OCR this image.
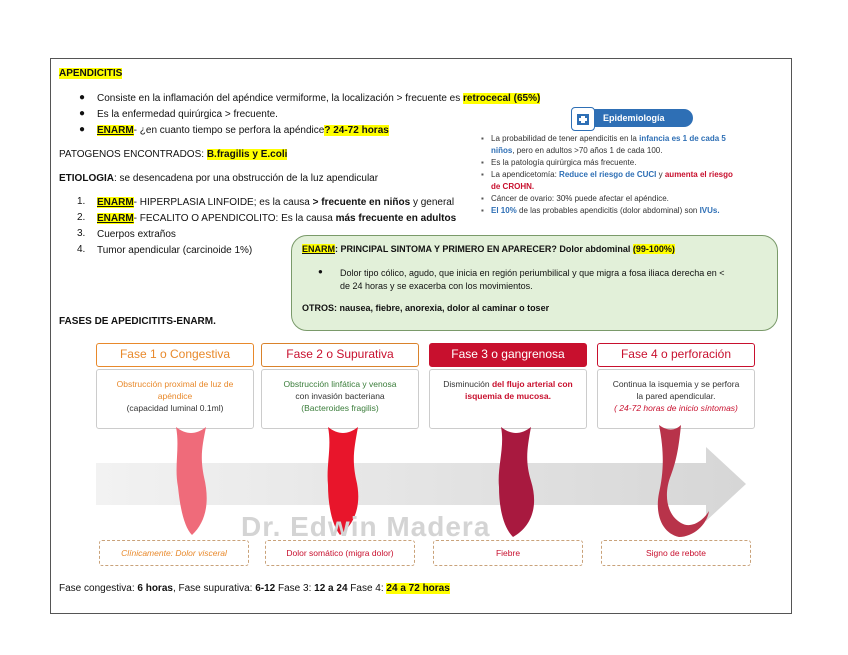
APENDICITIS
● Consiste en la inflamación del apéndice vermiforme, la localización > frecuente es retrocecal (65%)
● Es la enfermedad quirúrgica > frecuente.
● ENARM- ¿en cuanto tiempo se perfora la apéndice? 24-72 horas
PATOGENOS ENCONTRADOS: B.fragilis y E.coli
ETIOLOGIA: se desencadena por una obstrucción de la luz apendicular
1. ENARM- HIPERPLASIA LINFOIDE; es la causa > frecuente en niños y general
2. ENARM- FECALITO O APENDICOLITO: Es la causa más frecuente en adultos
3. Cuerpos extraños
4. Tumor apendicular (carcinoide 1%)
Epidemiología
▪ La probabilidad de tener apendicitis en la infancia es 1 de cada 5
niños, pero en adultos >70 años 1 de cada 100.
▪ Es la patología quirúrgica más frecuente.
▪ La apendicetomía: Reduce el riesgo de CUCI y aumenta el riesgo
de CROHN.
▪ Cáncer de ovario: 30% puede afectar el apéndice.
▪ El 10% de las probables apendicitis (dolor abdominal) son IVUs.
ENARM: PRINCIPAL SINTOMA Y PRIMERO EN APARECER? Dolor abdominal (99-100%)
● Dolor tipo cólico, agudo, que inicia en región periumbilical y que migra a fosa iliaca derecha en <
de 24 horas y se exacerba con los movimientos.
OTROS: nausea, fiebre, anorexia, dolor al caminar o toser
FASES DE APEDICITITS-ENARM.
Fase 1 o Congestiva	Fase 2 o Supurativa	Fase 3 o gangrenosa	Fase 4 o perforación
Obstrucción proximal de luz de
apéndice
(capacidad luminal 0.1ml)
Obstrucción linfática y venosa
con invasión bacteriana
(Bacteroides fragilis)
Disminución del flujo arterial con
isquemia de mucosa.
Continua la isquemia y se perfora
la pared apendicular.
( 24-72 horas de inicio síntomas)
Dr. Edwin Madera
Clínicamente: Dolor visceral	Dolor somático (migra dolor)	Fiebre	Signo de rebote
Fase congestiva: 6 horas, Fase supurativa: 6-12 Fase 3: 12 a 24 Fase 4: 24 a 72 horas
